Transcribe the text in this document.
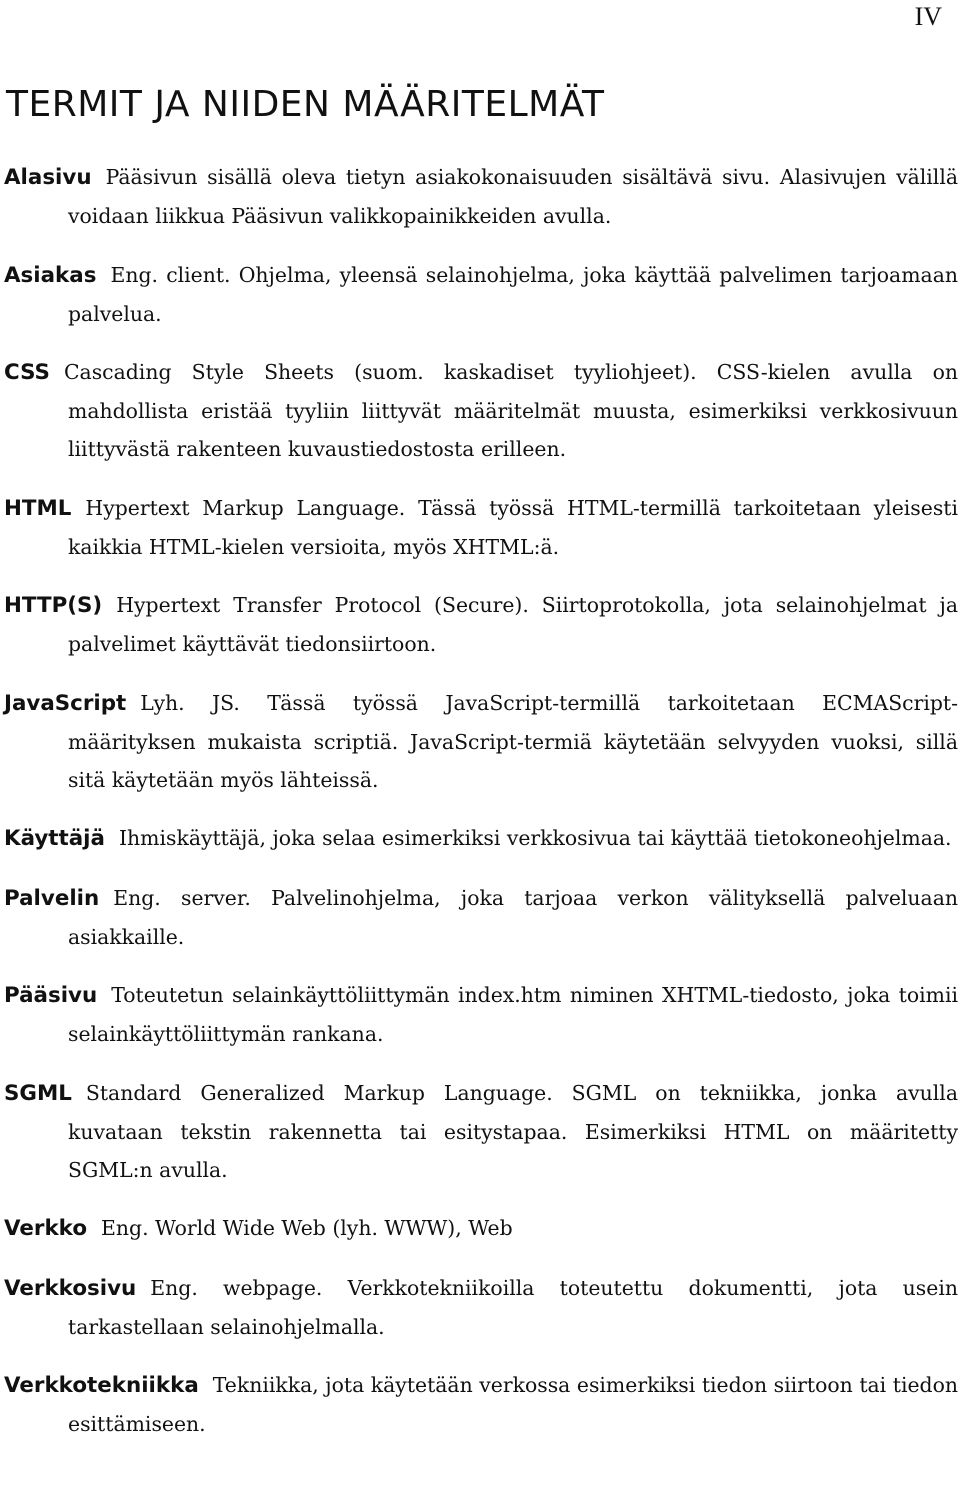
IV
TERMIT JA NIIDEN MÄÄRITELMÄT

Alasivu Pääsivun sisällä oleva tietyn asiakokonaisuuden sisältävä sivu. Alasivujen välillä voidaan liikkua Pääsivun valikkopainikkeiden avulla.

Asiakas Eng. client. Ohjelma, yleensä selainohjelma, joka käyttää palvelimen tarjoamaan palvelua.

CSS Cascading Style Sheets (suom. kaskadiset tyyliohjeet). CSS-kielen avulla on mahdollista eristää tyyliin liittyvät määritelmät muusta, esimerkiksi verkkosivuun liittyvästä rakenteen kuvaustiedostosta erilleen.

HTML Hypertext Markup Language. Tässä työssä HTML-termillä tarkoitetaan yleisesti kaikkia HTML-kielen versioita, myös XHTML:ä.

HTTP(S) Hypertext Transfer Protocol (Secure). Siirtoprotokolla, jota selainohjelmat ja palvelimet käyttävät tiedonsiirtoon.

JavaScript Lyh. JS. Tässä työssä JavaScript-termillä tarkoitetaan ECMAScript-määrityksen mukaista scriptiä. JavaScript-termiä käytetään selvyyden vuoksi, sillä sitä käytetään myös lähteissä.

Käyttäjä Ihmiskäyttäjä, joka selaa esimerkiksi verkkosivua tai käyttää tietokoneohjelmaa.

Palvelin Eng. server. Palvelinohjelma, joka tarjoaa verkon välityksellä palveluaan asiakkaille.

Pääsivu Toteutetun selainkäyttöliittymän index.htm niminen XHTML-tiedosto, joka toimii selainkäyttöliittymän rankana.

SGML Standard Generalized Markup Language. SGML on tekniikka, jonka avulla kuvataan tekstin rakennetta tai esitystapaa. Esimerkiksi HTML on määritetty SGML:n avulla.

Verkko Eng. World Wide Web (lyh. WWW), Web

Verkkosivu Eng. webpage. Verkkotekniikoilla toteutettu dokumentti, jota usein tarkastellaan selainohjelmalla.

Verkkotekniikka Tekniikka, jota käytetään verkossa esimerkiksi tiedon siirtoon tai tiedon esittämiseen.
